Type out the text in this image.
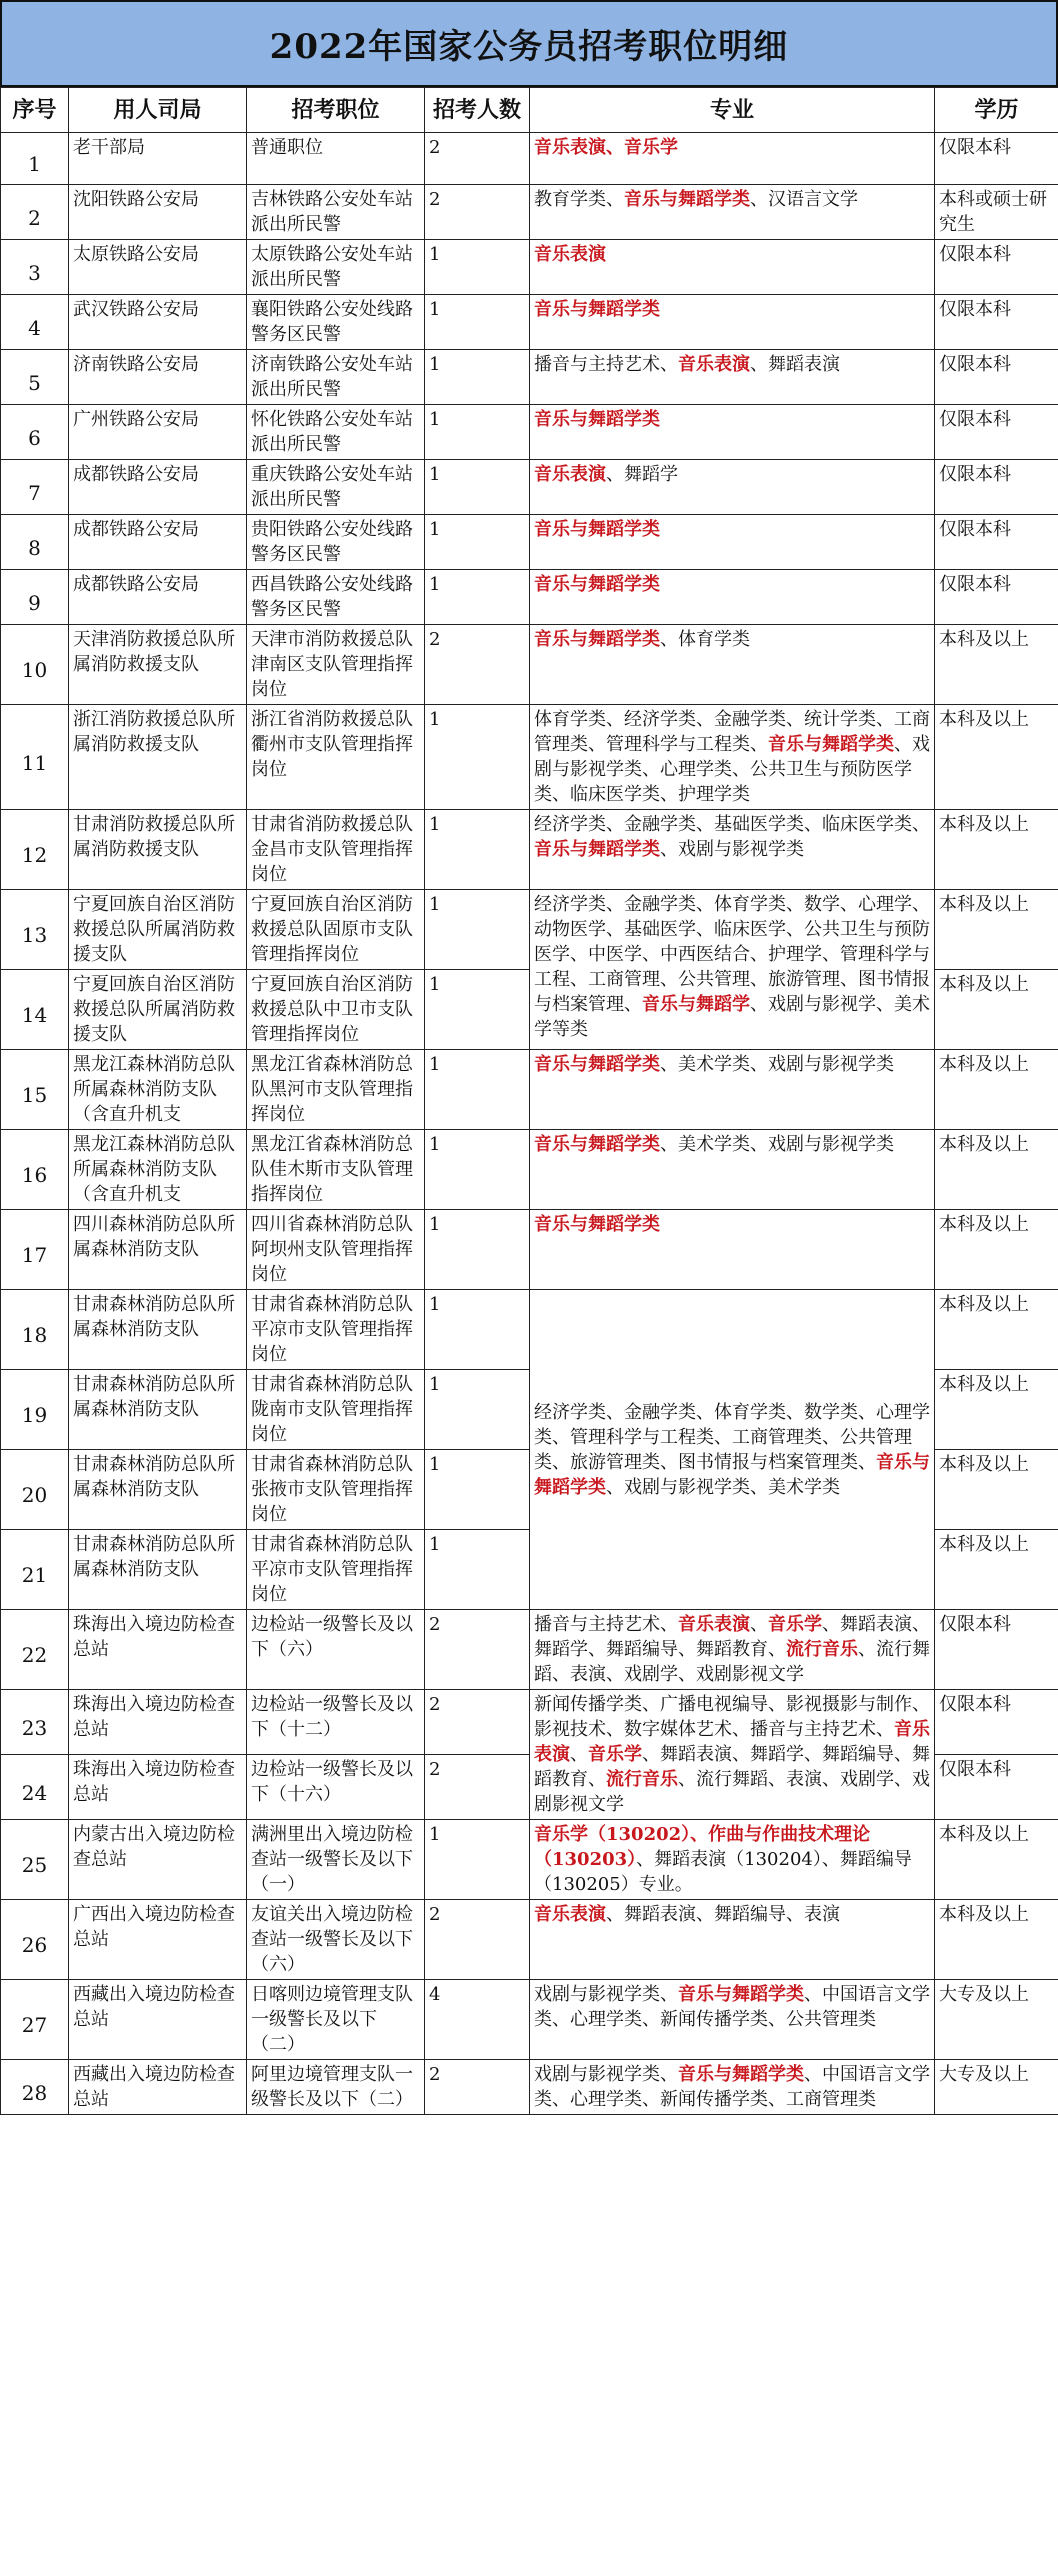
2022年国家公务员招考职位明细
序号	用人司局	招考职位	招考人数	专业	学历
1	老干部局	普通职位	2	音乐表演、音乐学	仅限本科
2	沈阳铁路公安局	吉林铁路公安处车站派出所民警	2	教育学类、音乐与舞蹈学类、汉语言文学	本科或硕士研究生
3	太原铁路公安局	太原铁路公安处车站派出所民警	1	音乐表演	仅限本科
4	武汉铁路公安局	襄阳铁路公安处线路警务区民警	1	音乐与舞蹈学类	仅限本科
5	济南铁路公安局	济南铁路公安处车站派出所民警	1	播音与主持艺术、音乐表演、舞蹈表演	仅限本科
6	广州铁路公安局	怀化铁路公安处车站派出所民警	1	音乐与舞蹈学类	仅限本科
7	成都铁路公安局	重庆铁路公安处车站派出所民警	1	音乐表演、舞蹈学	仅限本科
8	成都铁路公安局	贵阳铁路公安处线路警务区民警	1	音乐与舞蹈学类	仅限本科
9	成都铁路公安局	西昌铁路公安处线路警务区民警	1	音乐与舞蹈学类	仅限本科
10	天津消防救援总队所属消防救援支队	天津市消防救援总队津南区支队管理指挥岗位	2	音乐与舞蹈学类、体育学类	本科及以上
11	浙江消防救援总队所属消防救援支队	浙江省消防救援总队衢州市支队管理指挥岗位	1	体育学类、经济学类、金融学类、统计学类、工商管理类、管理科学与工程类、音乐与舞蹈学类、戏剧与影视学类、心理学类、公共卫生与预防医学类、临床医学类、护理学类	本科及以上
12	甘肃消防救援总队所属消防救援支队	甘肃省消防救援总队金昌市支队管理指挥岗位	1	经济学类、金融学类、基础医学类、临床医学类、音乐与舞蹈学类、戏剧与影视学类	本科及以上
13	宁夏回族自治区消防救援总队所属消防救援支队	宁夏回族自治区消防救援总队固原市支队管理指挥岗位	1	经济学类、金融学类、体育学类、数学、心理学、动物医学、基础医学、临床医学、公共卫生与预防医学、中医学、中西医结合、护理学、管理科学与工程、工商管理、公共管理、旅游管理、图书情报与档案管理、音乐与舞蹈学、戏剧与影视学、美术学等类	本科及以上
14	宁夏回族自治区消防救援总队所属消防救援支队	宁夏回族自治区消防救援总队中卫市支队管理指挥岗位	1		本科及以上
15	黑龙江森林消防总队所属森林消防支队（含直升机支	黑龙江省森林消防总队黑河市支队管理指挥岗位	1	音乐与舞蹈学类、美术学类、戏剧与影视学类	本科及以上
16	黑龙江森林消防总队所属森林消防支队（含直升机支	黑龙江省森林消防总队佳木斯市支队管理指挥岗位	1	音乐与舞蹈学类、美术学类、戏剧与影视学类	本科及以上
17	四川森林消防总队所属森林消防支队	四川省森林消防总队阿坝州支队管理指挥岗位	1	音乐与舞蹈学类	本科及以上
18	甘肃森林消防总队所属森林消防支队	甘肃省森林消防总队平凉市支队管理指挥岗位	1	经济学类、金融学类、体育学类、数学类、心理学类、管理科学与工程类、工商管理类、公共管理类、旅游管理类、图书情报与档案管理类、音乐与舞蹈学类、戏剧与影视学类、美术学类	本科及以上
19	甘肃森林消防总队所属森林消防支队	甘肃省森林消防总队陇南市支队管理指挥岗位	1		本科及以上
20	甘肃森林消防总队所属森林消防支队	甘肃省森林消防总队张掖市支队管理指挥岗位	1		本科及以上
21	甘肃森林消防总队所属森林消防支队	甘肃省森林消防总队平凉市支队管理指挥岗位	1		本科及以上
22	珠海出入境边防检查总站	边检站一级警长及以下（六）	2	播音与主持艺术、音乐表演、音乐学、舞蹈表演、舞蹈学、舞蹈编导、舞蹈教育、流行音乐、流行舞蹈、表演、戏剧学、戏剧影视文学	仅限本科
23	珠海出入境边防检查总站	边检站一级警长及以下（十二）	2	新闻传播学类、广播电视编导、影视摄影与制作、影视技术、数字媒体艺术、播音与主持艺术、音乐表演、音乐学、舞蹈表演、舞蹈学、舞蹈编导、舞蹈教育、流行音乐、流行舞蹈、表演、戏剧学、戏剧影视文学	仅限本科
24	珠海出入境边防检查总站	边检站一级警长及以下（十六）	2		仅限本科
25	内蒙古出入境边防检查总站	满洲里出入境边防检查站一级警长及以下（一）	1	音乐学（130202）、作曲与作曲技术理论（130203）、舞蹈表演（130204）、舞蹈编导（130205）专业。	本科及以上
26	广西出入境边防检查总站	友谊关出入境边防检查站一级警长及以下（六）	2	音乐表演、舞蹈表演、舞蹈编导、表演	本科及以上
27	西藏出入境边防检查总站	日喀则边境管理支队一级警长及以下（二）	4	戏剧与影视学类、音乐与舞蹈学类、中国语言文学类、心理学类、新闻传播学类、公共管理类	大专及以上
28	西藏出入境边防检查总站	阿里边境管理支队一级警长及以下（二）	2	戏剧与影视学类、音乐与舞蹈学类、中国语言文学类、心理学类、新闻传播学类、工商管理类	大专及以上
